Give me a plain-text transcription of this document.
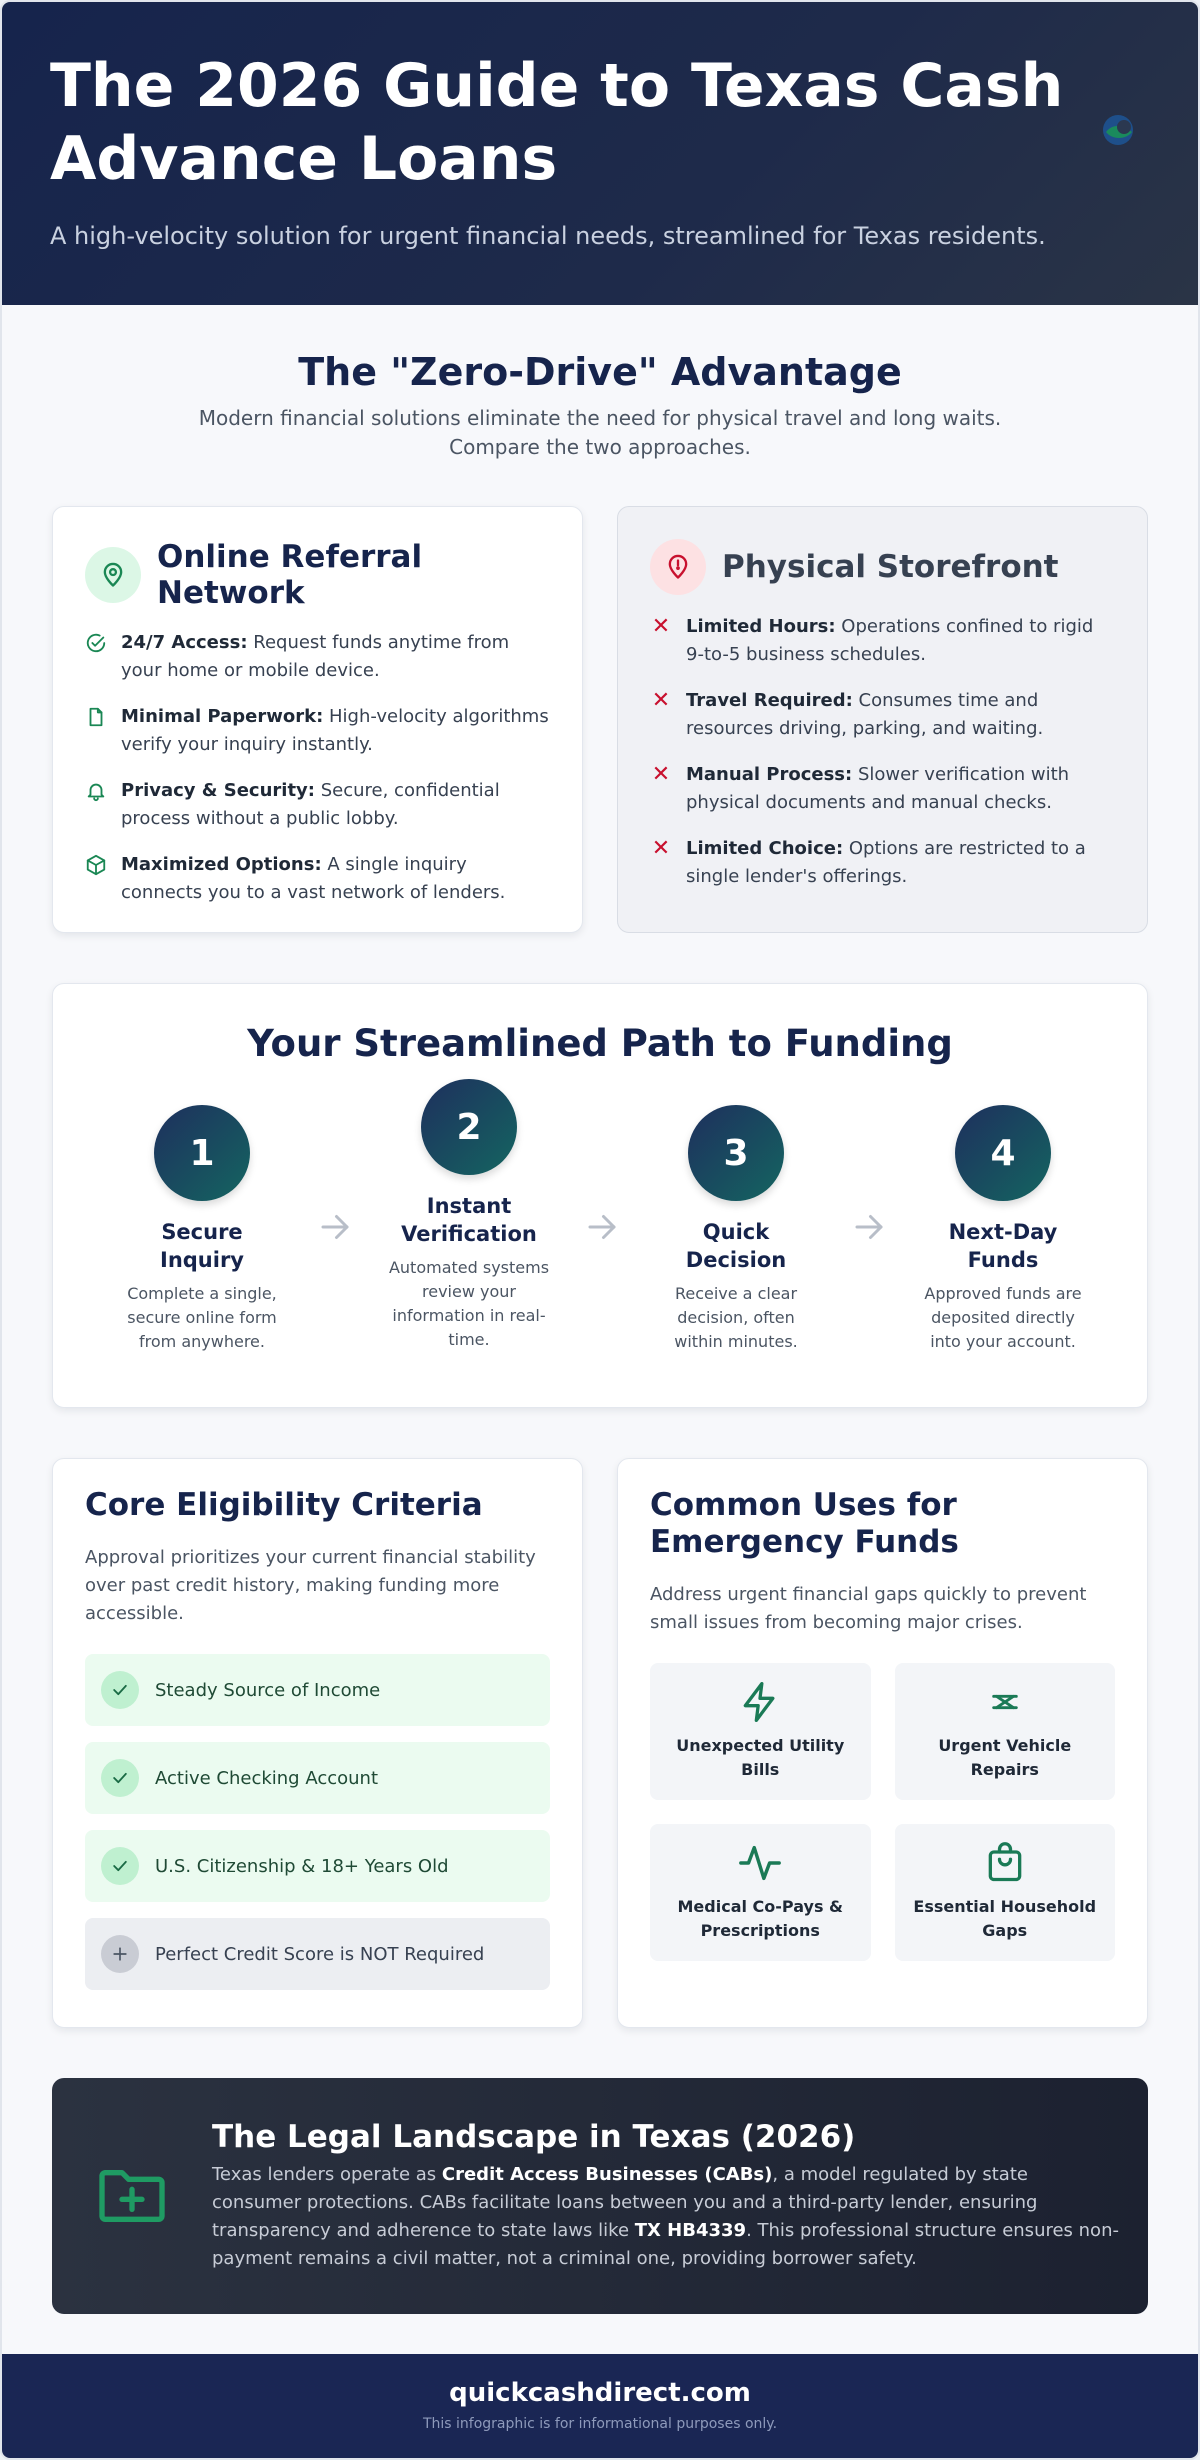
The 2026 Guide to Texas Cash Advance Loans

A high-velocity solution for urgent financial needs, streamlined for Texas residents.

The "Zero-Drive" Advantage

Modern financial solutions eliminate the need for physical travel and long waits. Compare the two approaches.

Online Referral Network
24/7 Access: Request funds anytime from your home or mobile device.
Minimal Paperwork: High-velocity algorithms verify your inquiry instantly.
Privacy & Security: Secure, confidential process without a public lobby.
Maximized Options: A single inquiry connects you to a vast network of lenders.
Physical Storefront
✕ Limited Hours: Operations confined to rigid 9-to-5 business schedules.
✕ Travel Required: Consumes time and resources driving, parking, and waiting.
✕ Manual Process: Slower verification with physical documents and manual checks.
✕ Limited Choice: Options are restricted to a single lender's offerings.
Your Streamlined Path to Funding
1
Secure Inquiry

Complete a single, secure online form from anywhere.

2
Instant Verification

Automated systems review your information in real-time.

3
Quick Decision

Receive a clear decision, often within minutes.

4
Next-Day Funds

Approved funds are deposited directly into your account.

Core Eligibility Criteria

Approval prioritizes your current financial stability over past credit history, making funding more accessible.

Steady Source of Income
Active Checking Account
U.S. Citizenship & 18+ Years Old
Perfect Credit Score is NOT Required
Common Uses for Emergency Funds

Address urgent financial gaps quickly to prevent small issues from becoming major crises.

Unexpected Utility Bills
Urgent Vehicle Repairs
Medical Co-Pays & Prescriptions
Essential Household Gaps
The Legal Landscape in Texas (2026)

Texas lenders operate as Credit Access Businesses (CABs), a model regulated by state consumer protections. CABs facilitate loans between you and a third-party lender, ensuring transparency and adherence to state laws like TX HB4339. This professional structure ensures non-payment remains a civil matter, not a criminal one, providing borrower safety.

quickcashdirect.com
This infographic is for informational purposes only.
